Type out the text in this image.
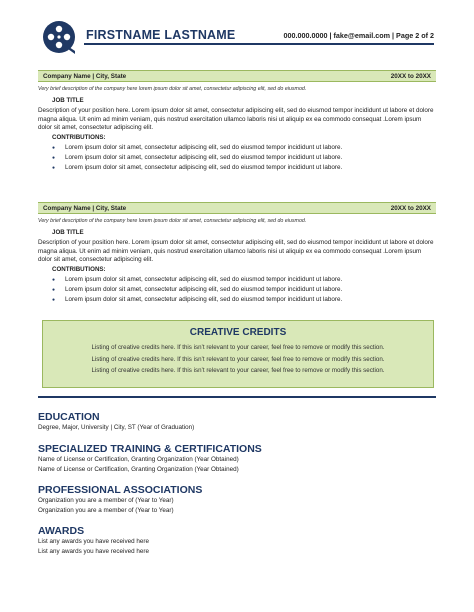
FIRSTNAME LASTNAME	000.000.0000 | fake@email.com | Page 2 of 2
Company Name | City, State	20XX to 20XX
Very brief description of the company here lorem ipsum dolor sit amet, consectetur adipiscing elit, sed do eiusmod.
JOB TITLE
Description of your position here. Lorem ipsum dolor sit amet, consectetur adipiscing elit, sed do eiusmod tempor incididunt ut labore et dolore magna aliqua. Ut enim ad minim veniam, quis nostrud exercitation ullamco laboris nisi ut aliquip ex ea commodo consequat .Lorem ipsum dolor sit amet, consectetur adipiscing elit.
CONTRIBUTIONS:
● Lorem ipsum dolor sit amet, consectetur adipiscing elit, sed do eiusmod tempor incididunt ut labore.
● Lorem ipsum dolor sit amet, consectetur adipiscing elit, sed do eiusmod tempor incididunt ut labore.
● Lorem ipsum dolor sit amet, consectetur adipiscing elit, sed do eiusmod tempor incididunt ut labore.
Company Name | City, State	20XX to 20XX
Very brief description of the company here lorem ipsum dolor sit amet, consectetur adipiscing elit, sed do eiusmod.
JOB TITLE
Description of your position here. Lorem ipsum dolor sit amet, consectetur adipiscing elit, sed do eiusmod tempor incididunt ut labore et dolore magna aliqua. Ut enim ad minim veniam, quis nostrud exercitation ullamco laboris nisi ut aliquip ex ea commodo consequat .Lorem ipsum dolor sit amet, consectetur adipiscing elit.
CONTRIBUTIONS:
● Lorem ipsum dolor sit amet, consectetur adipiscing elit, sed do eiusmod tempor incididunt ut labore.
● Lorem ipsum dolor sit amet, consectetur adipiscing elit, sed do eiusmod tempor incididunt ut labore.
● Lorem ipsum dolor sit amet, consectetur adipiscing elit, sed do eiusmod tempor incididunt ut labore.
CREATIVE CREDITS
Listing of creative credits here. If this isn’t relevant to your career, feel free to remove or modify this section.
Listing of creative credits here. If this isn’t relevant to your career, feel free to remove or modify this section.
Listing of creative credits here. If this isn’t relevant to your career, feel free to remove or modify this section.
EDUCATION
Degree, Major, University | City, ST (Year of Graduation)
SPECIALIZED TRAINING & CERTIFICATIONS
Name of License or Certification, Granting Organization (Year Obtained)
Name of License or Certification, Granting Organization (Year Obtained)
PROFESSIONAL ASSOCIATIONS
Organization you are a member of (Year to Year)
Organization you are a member of (Year to Year)
AWARDS
List any awards you have received here
List any awards you have received here
